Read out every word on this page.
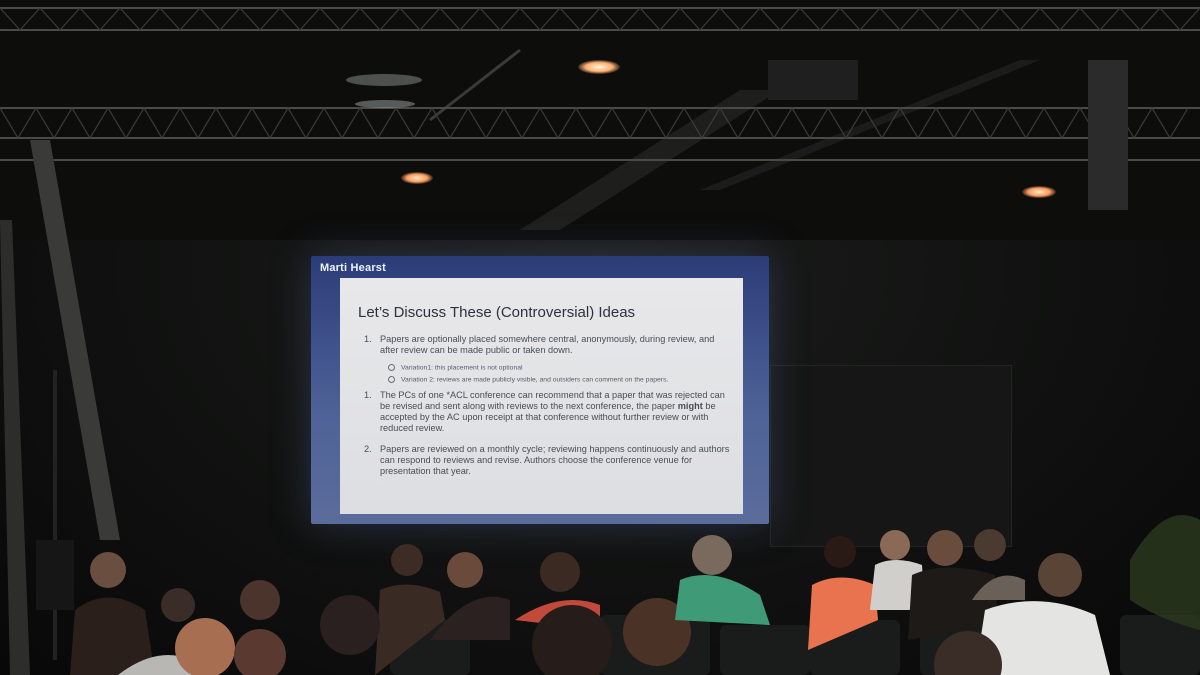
Marti Hearst
Let’s Discuss These (Controversial) Ideas
1. Papers are optionally placed somewhere central, anonymously, during review, and after review can be made public or taken down.
Variation1: this placement is not optional
Variation 2: reviews are made publicly visible, and outsiders can comment on the papers.
1. The PCs of one *ACL conference can recommend that a paper that was rejected can be revised and sent along with reviews to the next conference, the paper might be accepted by the AC upon receipt at that conference without further review or with reduced review.
2. Papers are reviewed on a monthly cycle; reviewing happens continuously and authors can respond to reviews and revise. Authors choose the conference venue for presentation that year.
